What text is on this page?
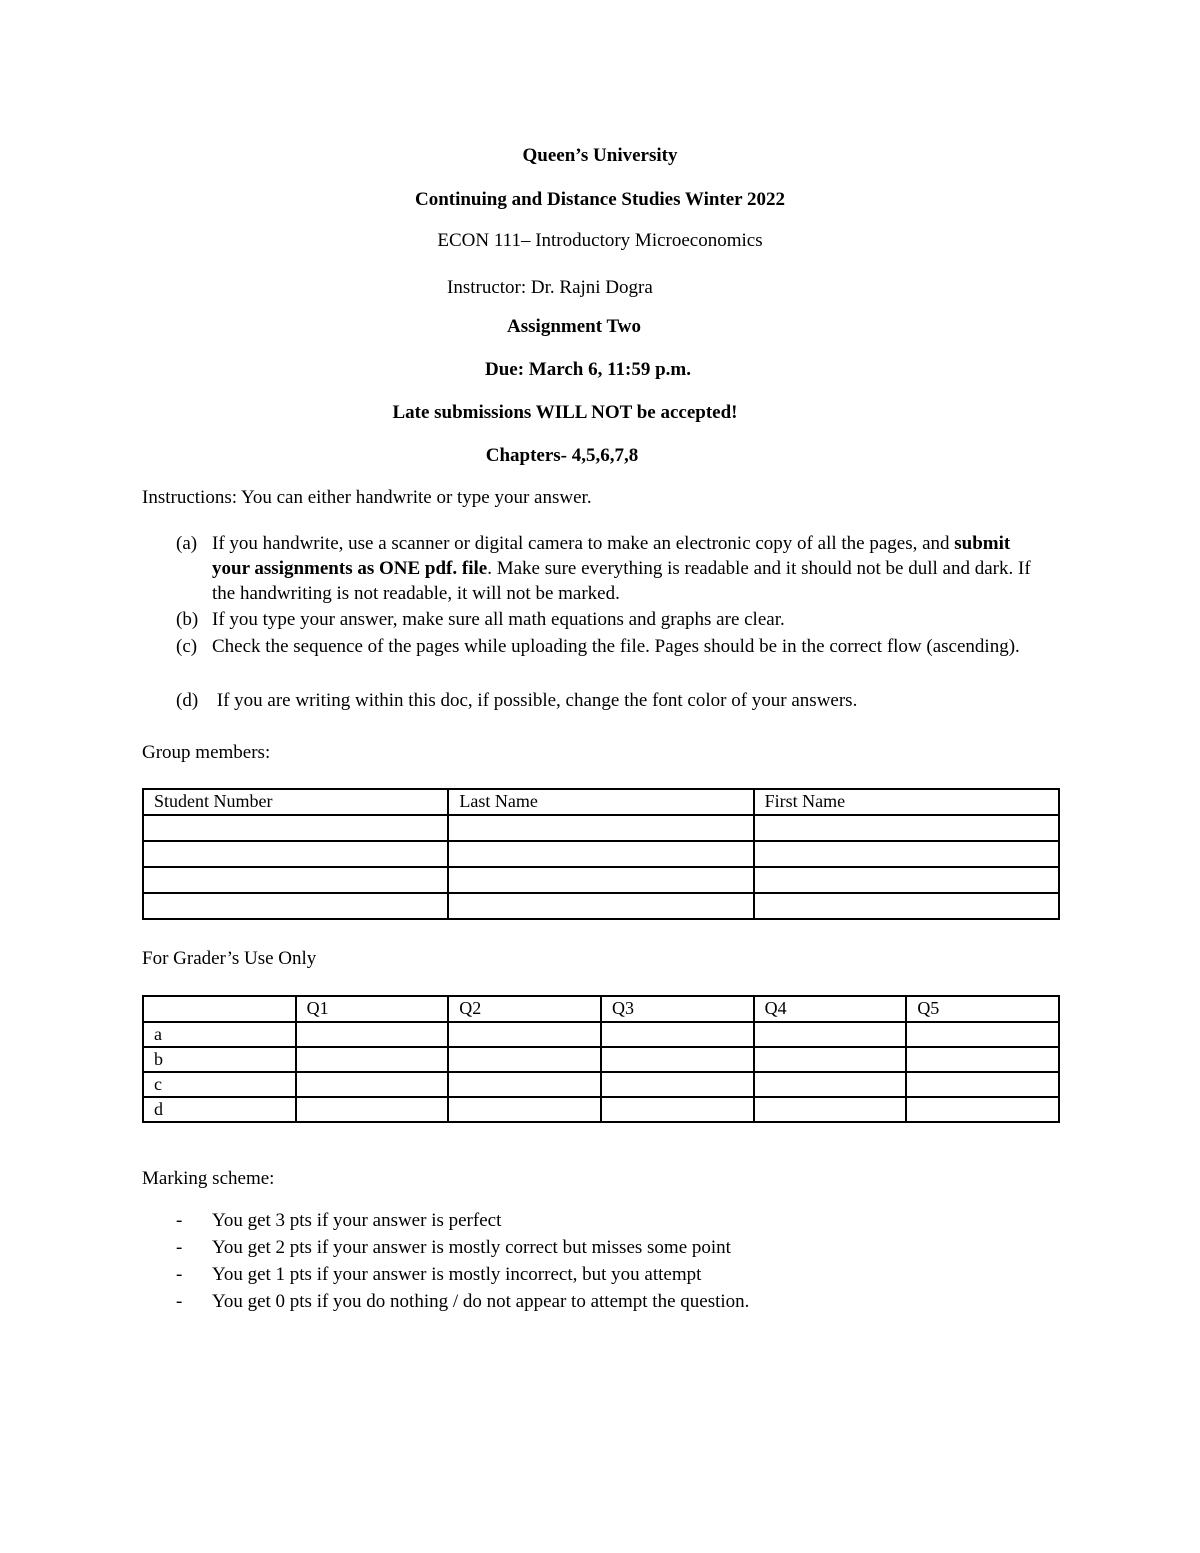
Queen’s University
Continuing and Distance Studies Winter 2022
ECON 111– Introductory Microeconomics
Instructor: Dr. Rajni Dogra
Assignment Two
Due: March 6, 11:59 p.m.
Late submissions WILL NOT be accepted!
Chapters- 4,5,6,7,8
Instructions: You can either handwrite or type your answer.
(a) If you handwrite, use a scanner or digital camera to make an electronic copy of all the pages, and submit your assignments as ONE pdf. file. Make sure everything is readable and it should not be dull and dark. If the handwriting is not readable, it will not be marked.
(b) If you type your answer, make sure all math equations and graphs are clear.
(c) Check the sequence of the pages while uploading the file. Pages should be in the correct flow (ascending).
(d) If you are writing within this doc, if possible, change the font color of your answers.
Group members:
Student Number	Last Name	First Name

For Grader’s Use Only
	Q1	Q2	Q3	Q4	Q5
a					
b					
c					
d					
Marking scheme:
- You get 3 pts if your answer is perfect
- You get 2 pts if your answer is mostly correct but misses some point
- You get 1 pts if your answer is mostly incorrect, but you attempt
- You get 0 pts if you do nothing / do not appear to attempt the question.
